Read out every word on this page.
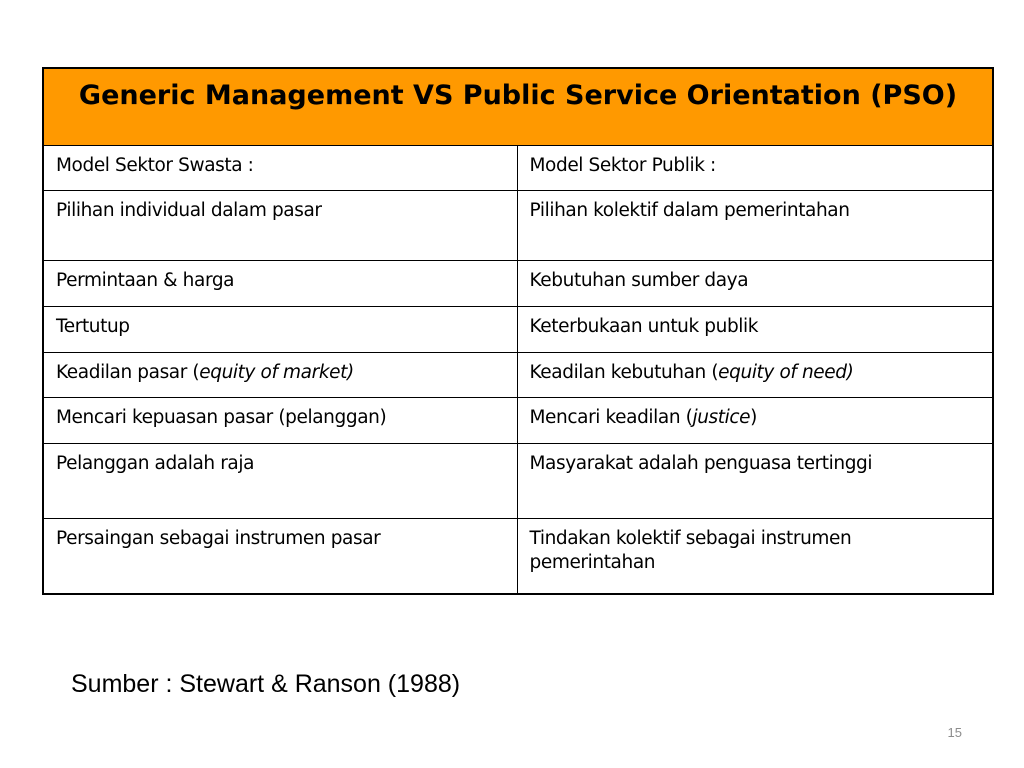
Generic Management VS Public Service Orientation (PSO)	
Model Sektor Swasta :	Model Sektor Publik :
Pilihan individual dalam pasar	Pilihan kolektif dalam pemerintahan
Permintaan & harga	Kebutuhan sumber daya
Tertutup	Keterbukaan untuk publik
Keadilan pasar (equity of market)	Keadilan kebutuhan (equity of need)
Mencari kepuasan pasar (pelanggan)	Mencari keadilan (justice)
Pelanggan adalah raja	Masyarakat adalah penguasa tertinggi
Persaingan sebagai instrumen pasar	Tindakan kolektif sebagai instrumen pemerintahan
Sumber : Stewart & Ranson (1988)
15
